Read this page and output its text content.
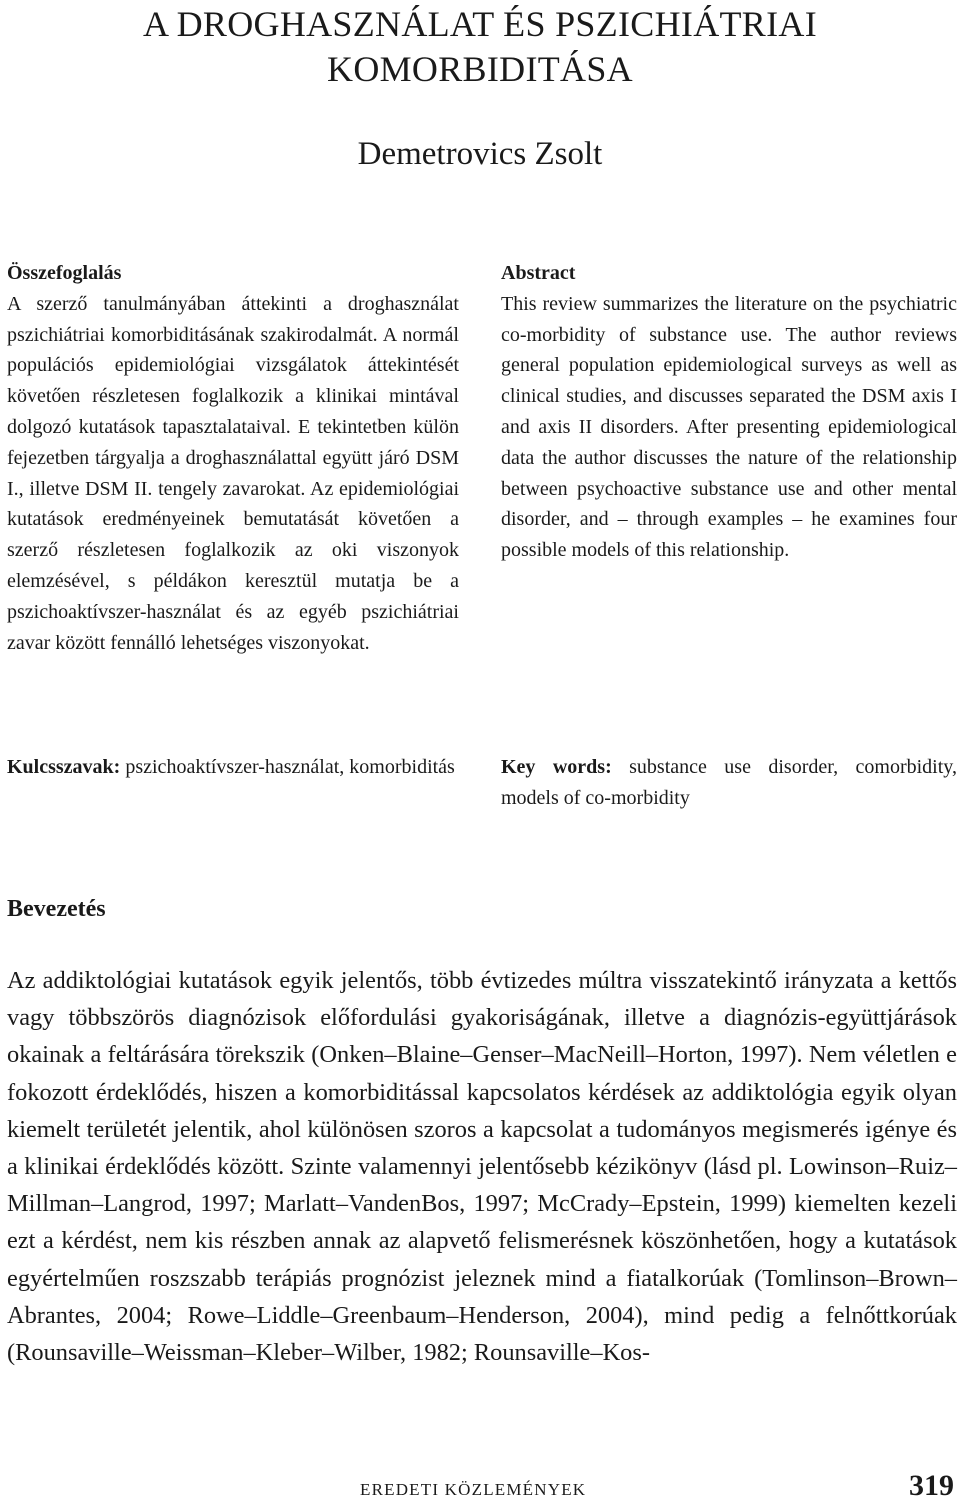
A DROGHASZNÁLAT ÉS PSZICHIÁTRIAI KOMORBIDITÁSA
Demetrovics Zsolt
Összefoglalás

A szerző tanulmányában áttekinti a droghasználat pszichiátriai komorbiditásának szakirodalmát. A normál populációs epidemiológiai vizsgálatok áttekintését követően részletesen foglalkozik a klinikai mintával dolgozó kutatások tapasztalataival. E tekintetben külön fejezetben tárgyalja a droghasználattal együtt járó DSM I., illetve DSM II. tengely zavarokat. Az epidemiológiai kutatások eredményeinek bemutatását követően a szerző részletesen foglalkozik az oki viszonyok elemzésével, s példákon keresztül mutatja be a pszichoaktívszer-használat és az egyéb pszichiátriai zavar között fennálló lehetséges viszonyokat.

Abstract

This review summarizes the literature on the psychiatric co-morbidity of substance use. The author reviews general population epidemiological surveys as well as clinical studies, and discusses separated the DSM axis I and axis II disorders. After presenting epidemiological data the author discusses the nature of the relationship between psychoactive substance use and other mental disorder, and – through examples – he examines four possible models of this relationship.

Kulcsszavak: pszichoaktívszer-használat, komorbiditás Key words: substance use disorder, comorbidity, models of co-morbidity
Bevezetés

Az addiktológiai kutatások egyik jelentős, több évtizedes múltra visszatekintő irányzata a kettős vagy többszörös diagnózisok előfordulási gyakoriságának, illetve a diagnózis-együttjárások okainak a feltárására törekszik (Onken–Blaine–Genser–MacNeill–Horton, 1997). Nem véletlen e fokozott érdeklődés, hiszen a komorbiditással kapcsolatos kérdések az addiktológia egyik olyan kiemelt területét jelentik, ahol különösen szoros a kapcsolat a tudományos megismerés igénye és a klinikai érdeklődés között. Szinte valamennyi jelentősebb kézikönyv (lásd pl. Lowinson–Ruiz–Millman–Langrod, 1997; Marlatt–VandenBos, 1997; McCrady–Epstein, 1999) kiemelten kezeli ezt a kérdést, nem kis részben annak az alapvető felismerésnek köszönhetően, hogy a kutatások egyértelműen roszszabb terápiás prognózist jeleznek mind a fiatalkorúak (Tomlinson–Brown–Abrantes, 2004; Rowe–Liddle–Greenbaum–Henderson, 2004), mind pedig a felnőttkorúak (Rounsaville–Weissman–Kleber–Wilber, 1982; Rounsaville–Kos-

EREDETI KÖZLEMÉNYEK	319
